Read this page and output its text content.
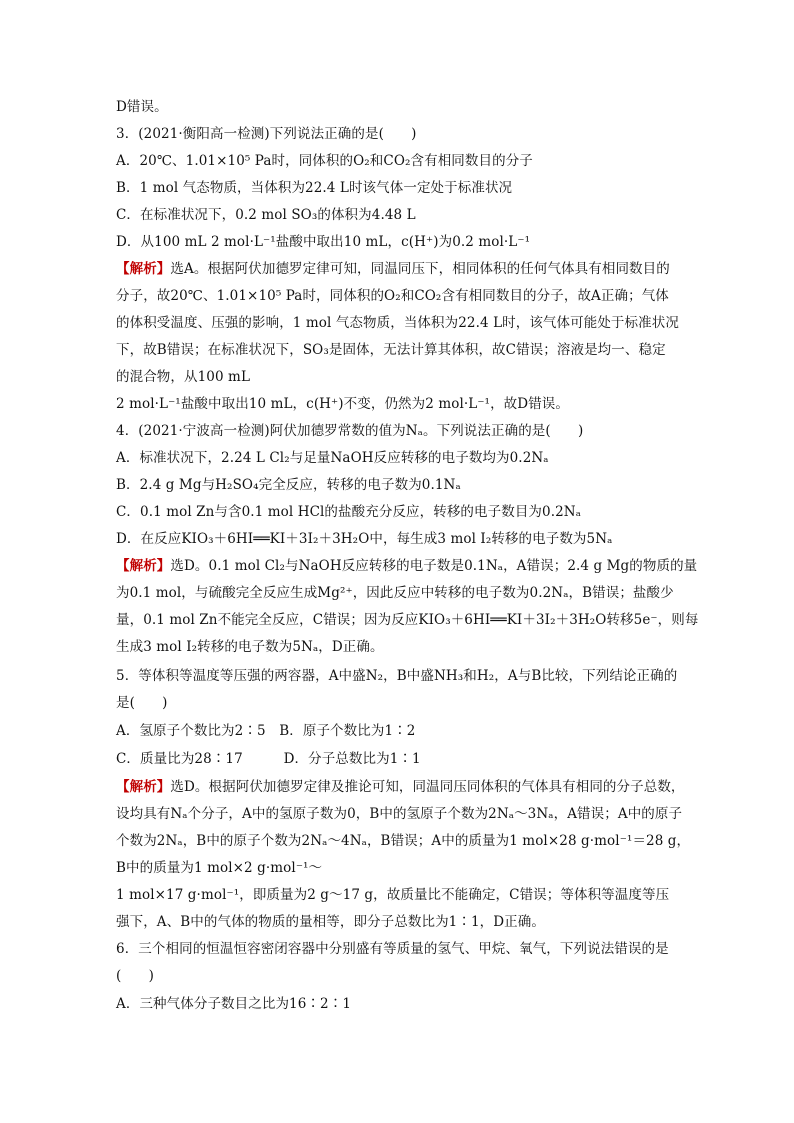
D错误。
3．(2021·衡阳高一检测)下列说法正确的是(　　)
A．20℃、1.01×10⁵ Pa时，同体积的O₂和CO₂含有相同数目的分子
B．1 mol 气态物质，当体积为22.4 L时该气体一定处于标准状况
C．在标准状况下，0.2 mol SO₃的体积为4.48 L
D．从100 mL 2 mol·L⁻¹盐酸中取出10 mL，c(H⁺)为0.2 mol·L⁻¹
【解析】选A。根据阿伏加德罗定律可知，同温同压下，相同体积的任何气体具有相同数目的
分子，故20℃、1.01×10⁵ Pa时，同体积的O₂和CO₂含有相同数目的分子，故A正确；气体
的体积受温度、压强的影响，1 mol 气态物质，当体积为22.4 L时，该气体可能处于标准状况
下，故B错误；在标准状况下，SO₃是固体，无法计算其体积，故C错误；溶液是均一、稳定
的混合物，从100 mL
2 mol·L⁻¹盐酸中取出10 mL，c(H⁺)不变，仍然为2 mol·L⁻¹，故D错误。
4．(2021·宁波高一检测)阿伏加德罗常数的值为Nₐ。下列说法正确的是(　　)
A．标准状况下，2.24 L Cl₂与足量NaOH反应转移的电子数均为0.2Nₐ
B．2.4 g Mg与H₂SO₄完全反应，转移的电子数为0.1Nₐ
C．0.1 mol Zn与含0.1 mol HCl的盐酸充分反应，转移的电子数目为0.2Nₐ
D．在反应KIO₃＋6HI══KI＋3I₂＋3H₂O中，每生成3 mol I₂转移的电子数为5Nₐ
【解析】选D。0.1 mol Cl₂与NaOH反应转移的电子数是0.1Nₐ，A错误；2.4 g Mg的物质的量
为0.1 mol，与硫酸完全反应生成Mg²⁺，因此反应中转移的电子数为0.2Nₐ，B错误；盐酸少
量，0.1 mol Zn不能完全反应，C错误；因为反应KIO₃＋6HI══KI＋3I₂＋3H₂O转移5e⁻，则每
生成3 mol I₂转移的电子数为5Nₐ，D正确。
5．等体积等温度等压强的两容器，A中盛N₂，B中盛NH₃和H₂，A与B比较，下列结论正确的
是(　　)
A．氢原子个数比为2∶5　B．原子个数比为1∶2
C．质量比为28∶17　　　D．分子总数比为1∶1
【解析】选D。根据阿伏加德罗定律及推论可知，同温同压同体积的气体具有相同的分子总数，
设均具有Nₐ个分子，A中的氢原子数为0，B中的氢原子个数为2Nₐ～3Nₐ，A错误；A中的原子
个数为2Nₐ，B中的原子个数为2Nₐ～4Nₐ，B错误；A中的质量为1 mol×28 g·mol⁻¹＝28 g，
B中的质量为1 mol×2 g·mol⁻¹～
1 mol×17 g·mol⁻¹，即质量为2 g～17 g，故质量比不能确定，C错误；等体积等温度等压
强下，A、B中的气体的物质的量相等，即分子总数比为1∶1，D正确。
6．三个相同的恒温恒容密闭容器中分别盛有等质量的氢气、甲烷、氧气，下列说法错误的是
(　　)
A．三种气体分子数目之比为16∶2∶1
